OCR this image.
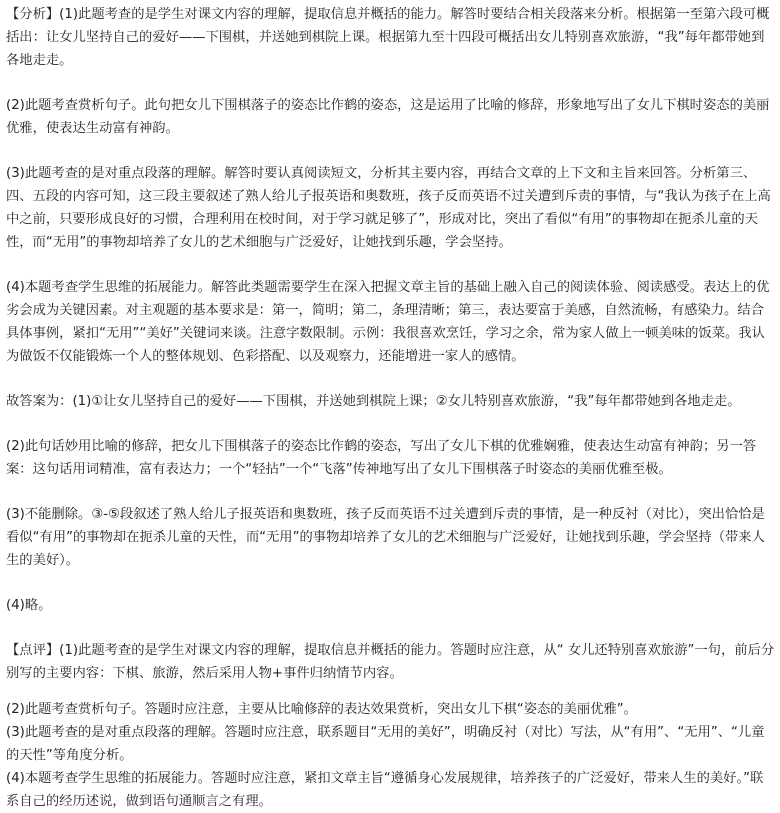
【分析】(1)此题考查的是学生对课文内容的理解，提取信息并概括的能力。解答时要结合相关段落来分析。根据第一至第六段可概括出：让女儿坚持自己的爱好——下围棋，并送她到棋院上课。根据第九至十四段可概括出女儿特别喜欢旅游，“我”每年都带她到各地走走。

(2)此题考查赏析句子。此句把女儿下围棋落子的姿态比作鹤的姿态，这是运用了比喻的修辞，形象地写出了女儿下棋时姿态的美丽优雅，使表达生动富有神韵。

(3)此题考查的是对重点段落的理解。解答时要认真阅读短文，分析其主要内容，再结合文章的上下文和主旨来回答。分析第三、四、五段的内容可知，这三段主要叙述了熟人给儿子报英语和奥数班，孩子反而英语不过关遭到斥责的事情，与“我认为孩子在上高中之前，只要形成良好的习惯，合理利用在校时间，对于学习就足够了”，形成对比，突出了看似“有用”的事物却在扼杀儿童的天性，而“无用”的事物却培养了女儿的艺术细胞与广泛爱好，让她找到乐趣，学会坚持。

(4)本题考查学生思维的拓展能力。解答此类题需要学生在深入把握文章主旨的基础上融入自己的阅读体验、阅读感受。表达上的优劣会成为关键因素。对主观题的基本要求是：第一，简明；第二，条理清晰；第三，表达要富于美感，自然流畅，有感染力。结合具体事例，紧扣“无用”“美好”关键词来谈。注意字数限制。示例：我很喜欢烹饪，学习之余，常为家人做上一顿美味的饭菜。我认为做饭不仅能锻炼一个人的整体规划、色彩搭配、以及观察力，还能增进一家人的感情。

故答案为：(1)①让女儿坚持自己的爱好——下围棋，并送她到棋院上课；②女儿特别喜欢旅游，“我”每年都带她到各地走走。

(2)此句话妙用比喻的修辞，把女儿下围棋落子的姿态比作鹤的姿态，写出了女儿下棋的优雅娴雅，使表达生动富有神韵；另一答案：这句话用词精准，富有表达力；一个“轻拈”一个“飞落”传神地写出了女儿下围棋落子时姿态的美丽优雅至极。

(3)不能删除。③-⑤段叙述了熟人给儿子报英语和奥数班，孩子反而英语不过关遭到斥责的事情，是一种反衬（对比），突出恰恰是看似“有用”的事物却在扼杀儿童的天性，而“无用”的事物却培养了女儿的艺术细胞与广泛爱好，让她找到乐趣，学会坚持（带来人生的美好）。

(4)略。

【点评】(1)此题考查的是学生对课文内容的理解，提取信息并概括的能力。答题时应注意，从“ 女儿还特别喜欢旅游”一句，前后分别写的主要内容：下棋、旅游，然后采用人物+事件归纳情节内容。

(2)此题考查赏析句子。答题时应注意，主要从比喻修辞的表达效果赏析，突出女儿下棋“姿态的美丽优雅”。

(3)此题考查的是对重点段落的理解。答题时应注意，联系题目“无用的美好”，明确反衬（对比）写法，从“有用”、“无用”、“儿童的天性”等角度分析。

(4)本题考查学生思维的拓展能力。答题时应注意，紧扣文章主旨“遵循身心发展规律，培养孩子的广泛爱好，带来人生的美好。”联系自己的经历述说，做到语句通顺言之有理。
